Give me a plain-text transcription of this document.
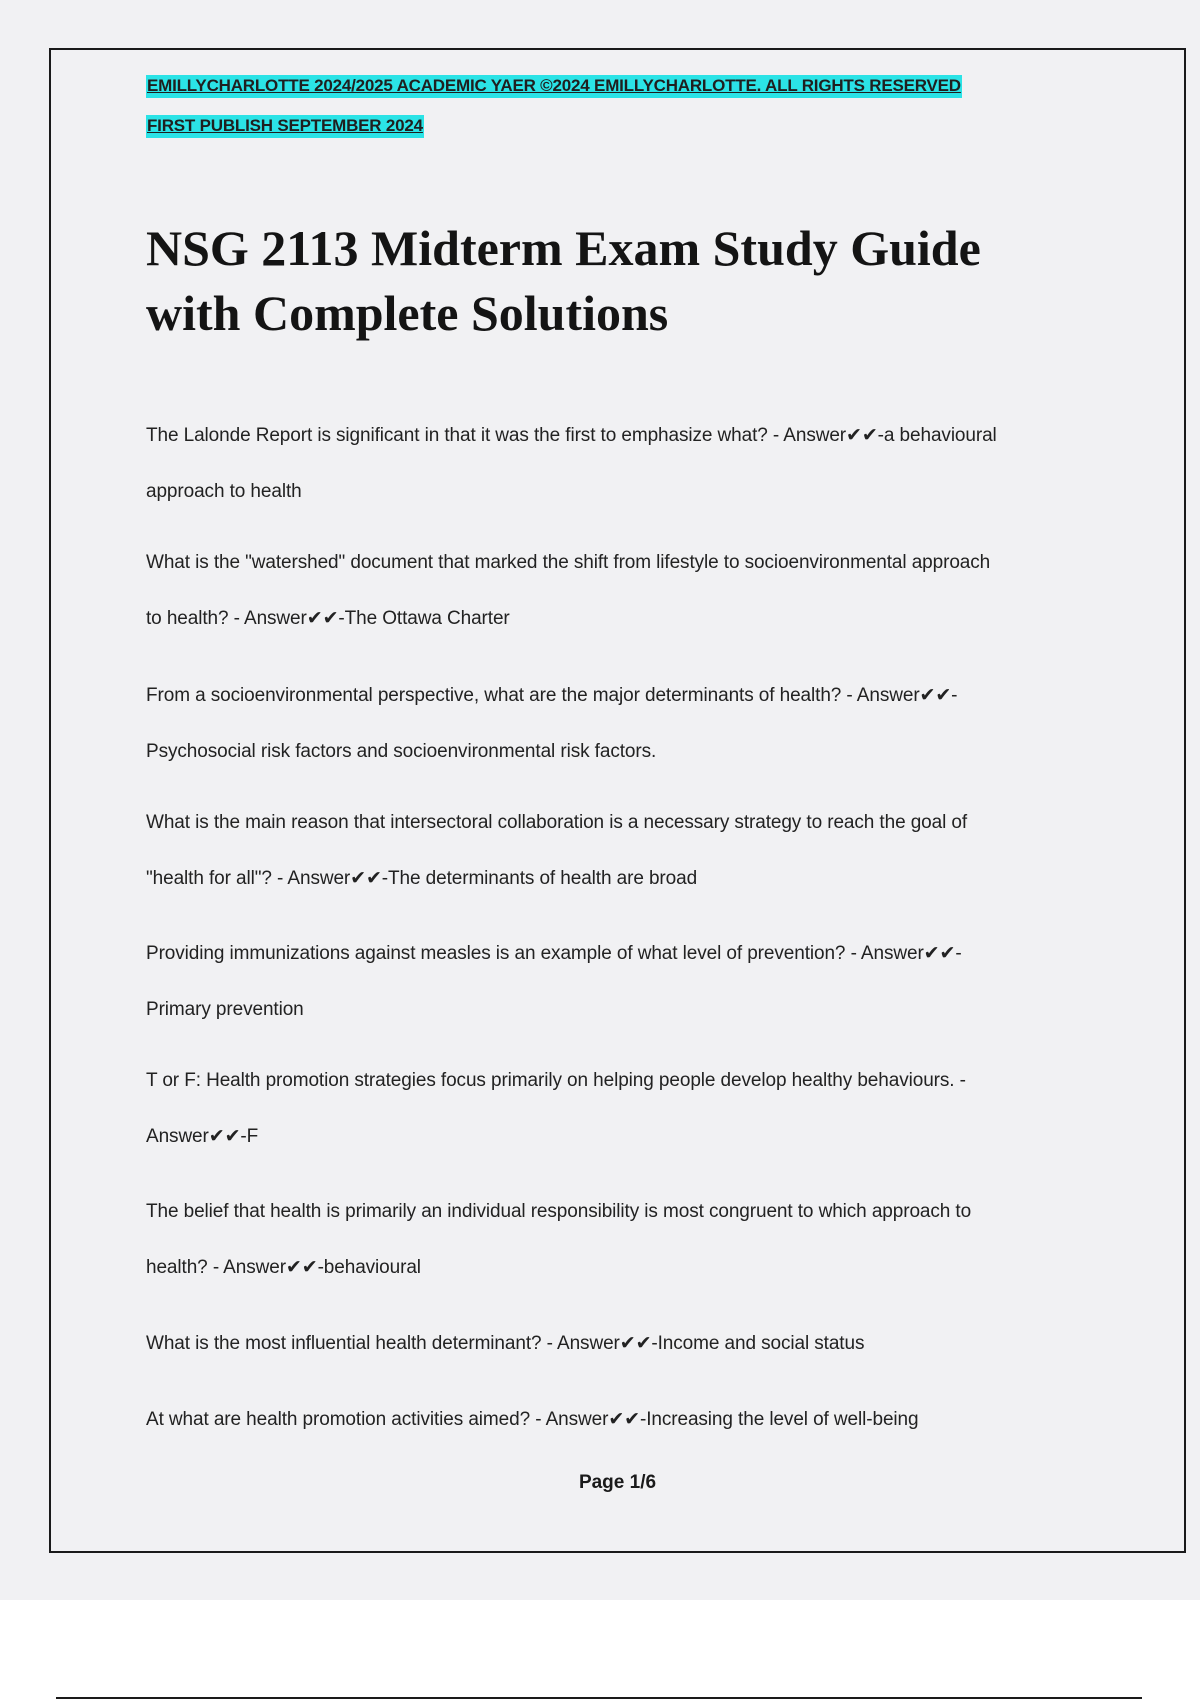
EMILLYCHARLOTTE 2024/2025 ACADEMIC YAER ©2024 EMILLYCHARLOTTE. ALL RIGHTS RESERVED
FIRST PUBLISH SEPTEMBER 2024
NSG 2113 Midterm Exam Study Guide
with Complete Solutions
The Lalonde Report is significant in that it was the first to emphasize what? - Answer✔✔-a behavioural
approach to health
What is the "watershed" document that marked the shift from lifestyle to socioenvironmental approach
to health? - Answer✔✔-The Ottawa Charter
From a socioenvironmental perspective, what are the major determinants of health? - Answer✔✔-
Psychosocial risk factors and socioenvironmental risk factors.
What is the main reason that intersectoral collaboration is a necessary strategy to reach the goal of
"health for all"? - Answer✔✔-The determinants of health are broad
Providing immunizations against measles is an example of what level of prevention? - Answer✔✔-
Primary prevention
T or F: Health promotion strategies focus primarily on helping people develop healthy behaviours. -
Answer✔✔-F
The belief that health is primarily an individual responsibility is most congruent to which approach to
health? - Answer✔✔-behavioural
What is the most influential health determinant? - Answer✔✔-Income and social status
At what are health promotion activities aimed? - Answer✔✔-Increasing the level of well-being
Page 1/6
